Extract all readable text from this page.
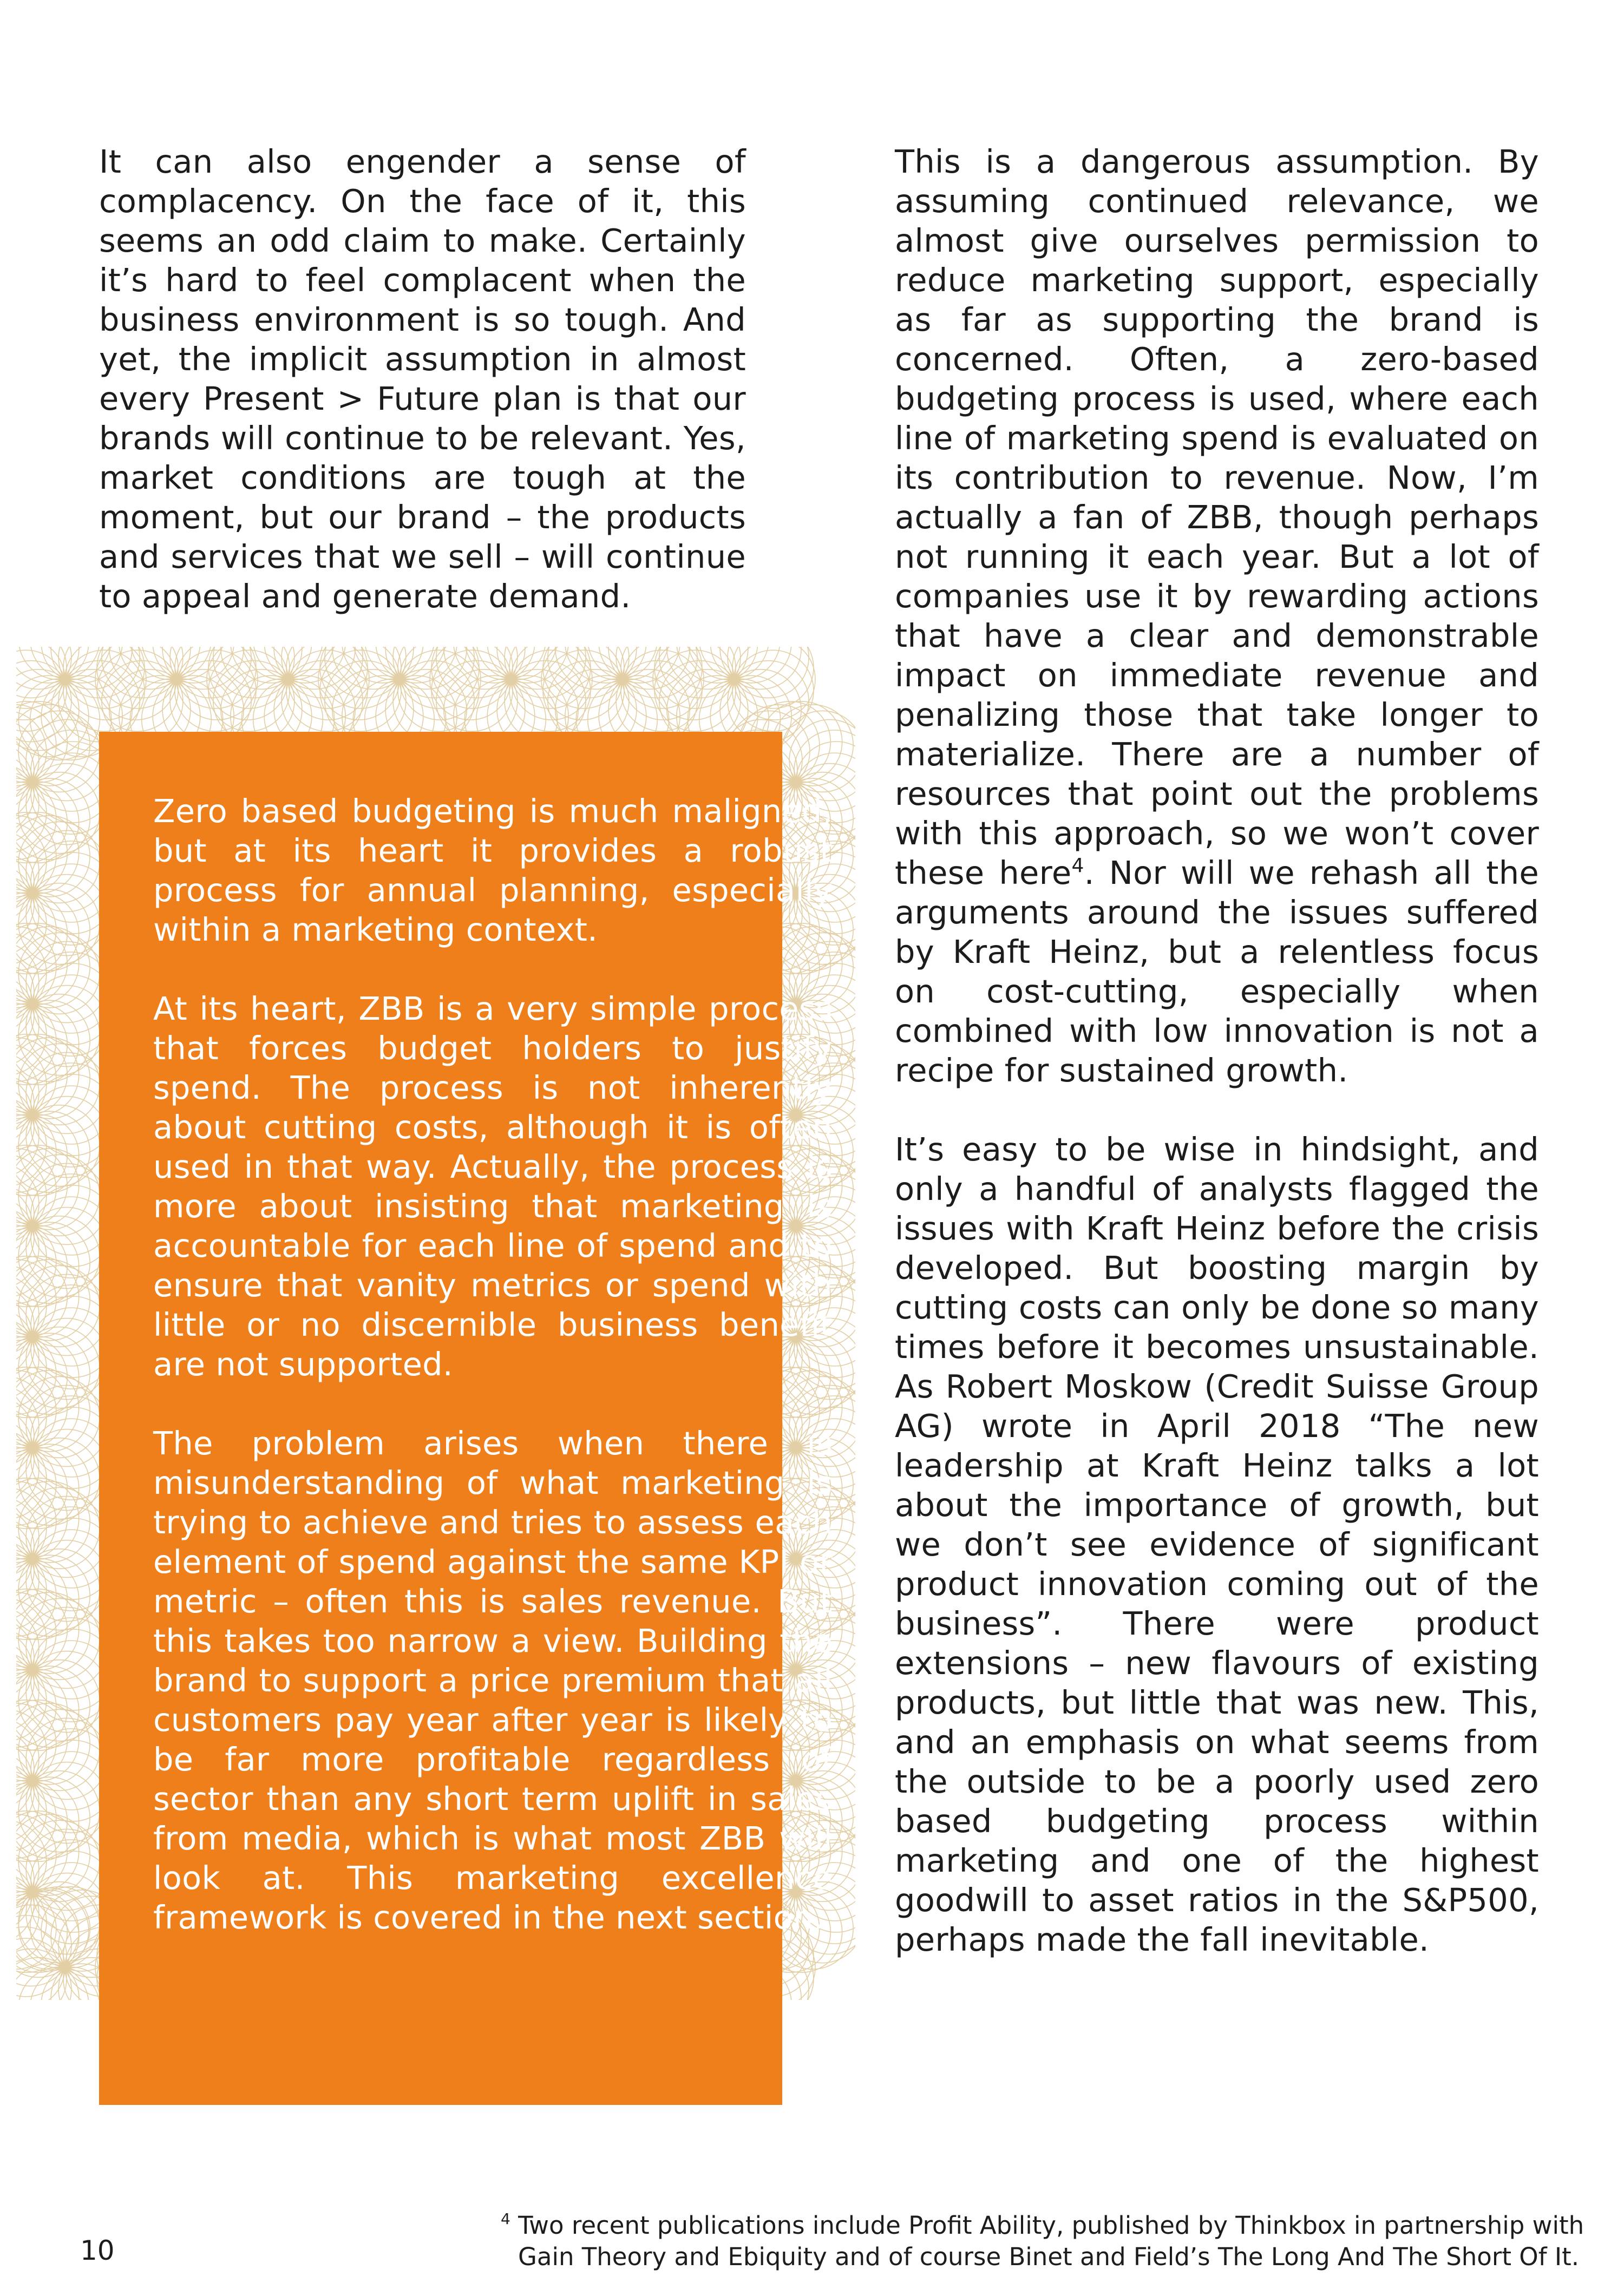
It can also engender a sense of complacency. On the face of it, this seems an odd claim to make. Certainly it’s hard to feel complacent when the business environment is so tough. And yet, the implicit assumption in almost every Present > Future plan is that our brands will continue to be relevant. Yes, market conditions are tough at the moment, but our brand – the products and services that we sell – will continue to appeal and generate demand.

Zero based budgeting is much maligned, but at its heart it provides a robust process for annual planning, especially within a marketing context.

At its heart, ZBB is a very simple process that forces budget holders to justify spend. The process is not inherently about cutting costs, although it is often used in that way. Actually, the process is more about insisting that marketing is accountable for each line of spend and to ensure that vanity metrics or spend with little or no discernible business benefit are not supported.

The problem arises when there is misunderstanding of what marketing is trying to achieve and tries to assess each element of spend against the same KPI or metric – often this is sales revenue. But this takes too narrow a view. Building the brand to support a price premium that all customers pay year after year is likely to be far more profitable regardless of sector than any short term uplift in sales from media, which is what most ZBB will look at. This marketing excellence framework is covered in the next section.

This is a dangerous assumption. By assuming continued relevance, we almost give ourselves permission to reduce marketing support, especially as far as supporting the brand is concerned. Often, a zero-based budgeting process is used, where each line of marketing spend is evaluated on its contribution to revenue. Now, I’m actually a fan of ZBB, though perhaps not running it each year. But a lot of companies use it by rewarding actions that have a clear and demonstrable impact on immediate revenue and penalizing those that take longer to materialize. There are a number of resources that point out the problems with this approach, so we won’t cover these here$^4$. Nor will we rehash all the arguments around the issues suffered by Kraft Heinz, but a relentless focus on cost-cutting, especially when combined with low innovation is not a recipe for sustained growth.

It’s easy to be wise in hindsight, and only a handful of analysts flagged the issues with Kraft Heinz before the crisis developed. But boosting margin by cutting costs can only be done so many times before it becomes unsustainable. As Robert Moskow (Credit Suisse Group AG) wrote in April 2018 “The new leadership at Kraft Heinz talks a lot about the importance of growth, but we don’t see evidence of significant product innovation coming out of the business”. There were product extensions – new flavours of existing products, but little that was new. This, and an emphasis on what seems from the outside to be a poorly used zero based budgeting process within marketing and one of the highest goodwill to asset ratios in the S&P500, perhaps made the fall inevitable.

10
$^4$ Two recent publications include Profit Ability, published by Thinkbox in partnership with
Gain Theory and Ebiquity and of course Binet and Field’s The Long And The Short Of It.
